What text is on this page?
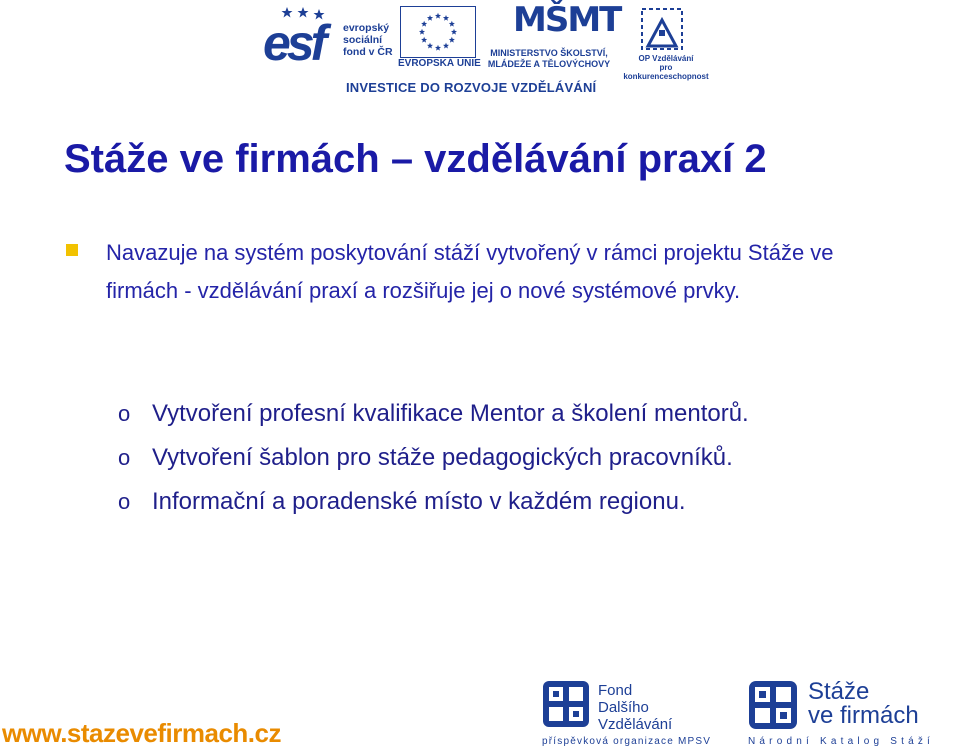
esf evropský
sociální
fond v ČR
EVROPSKÁ UNIE
MŠMT
MINISTERSTVO ŠKOLSTVÍ,
MLÁDEŽE A TĚLOVÝCHOVY
OP Vzdělávání
pro konkurenceschopnost
INVESTICE DO ROZVOJE VZDĚLÁVÁNÍ
Stáže ve firmách – vzdělávání praxí 2

Navazuje na systém poskytování stáží vytvořený v rámci projektu Stáže ve firmách - vzdělávání praxí a rozšiřuje jej o nové systémové prvky.

o Vytvoření profesní kvalifikace Mentor a školení mentorů.
o Vytvoření šablon pro stáže pedagogických pracovníků.
o Informační a poradenské místo v každém regionu.
www.stazevefirmach.cz
Fond
Dalšího
Vzdělávání
příspěvková organizace MPSV
Stáže
ve firmách
Národní Katalog Stáží
